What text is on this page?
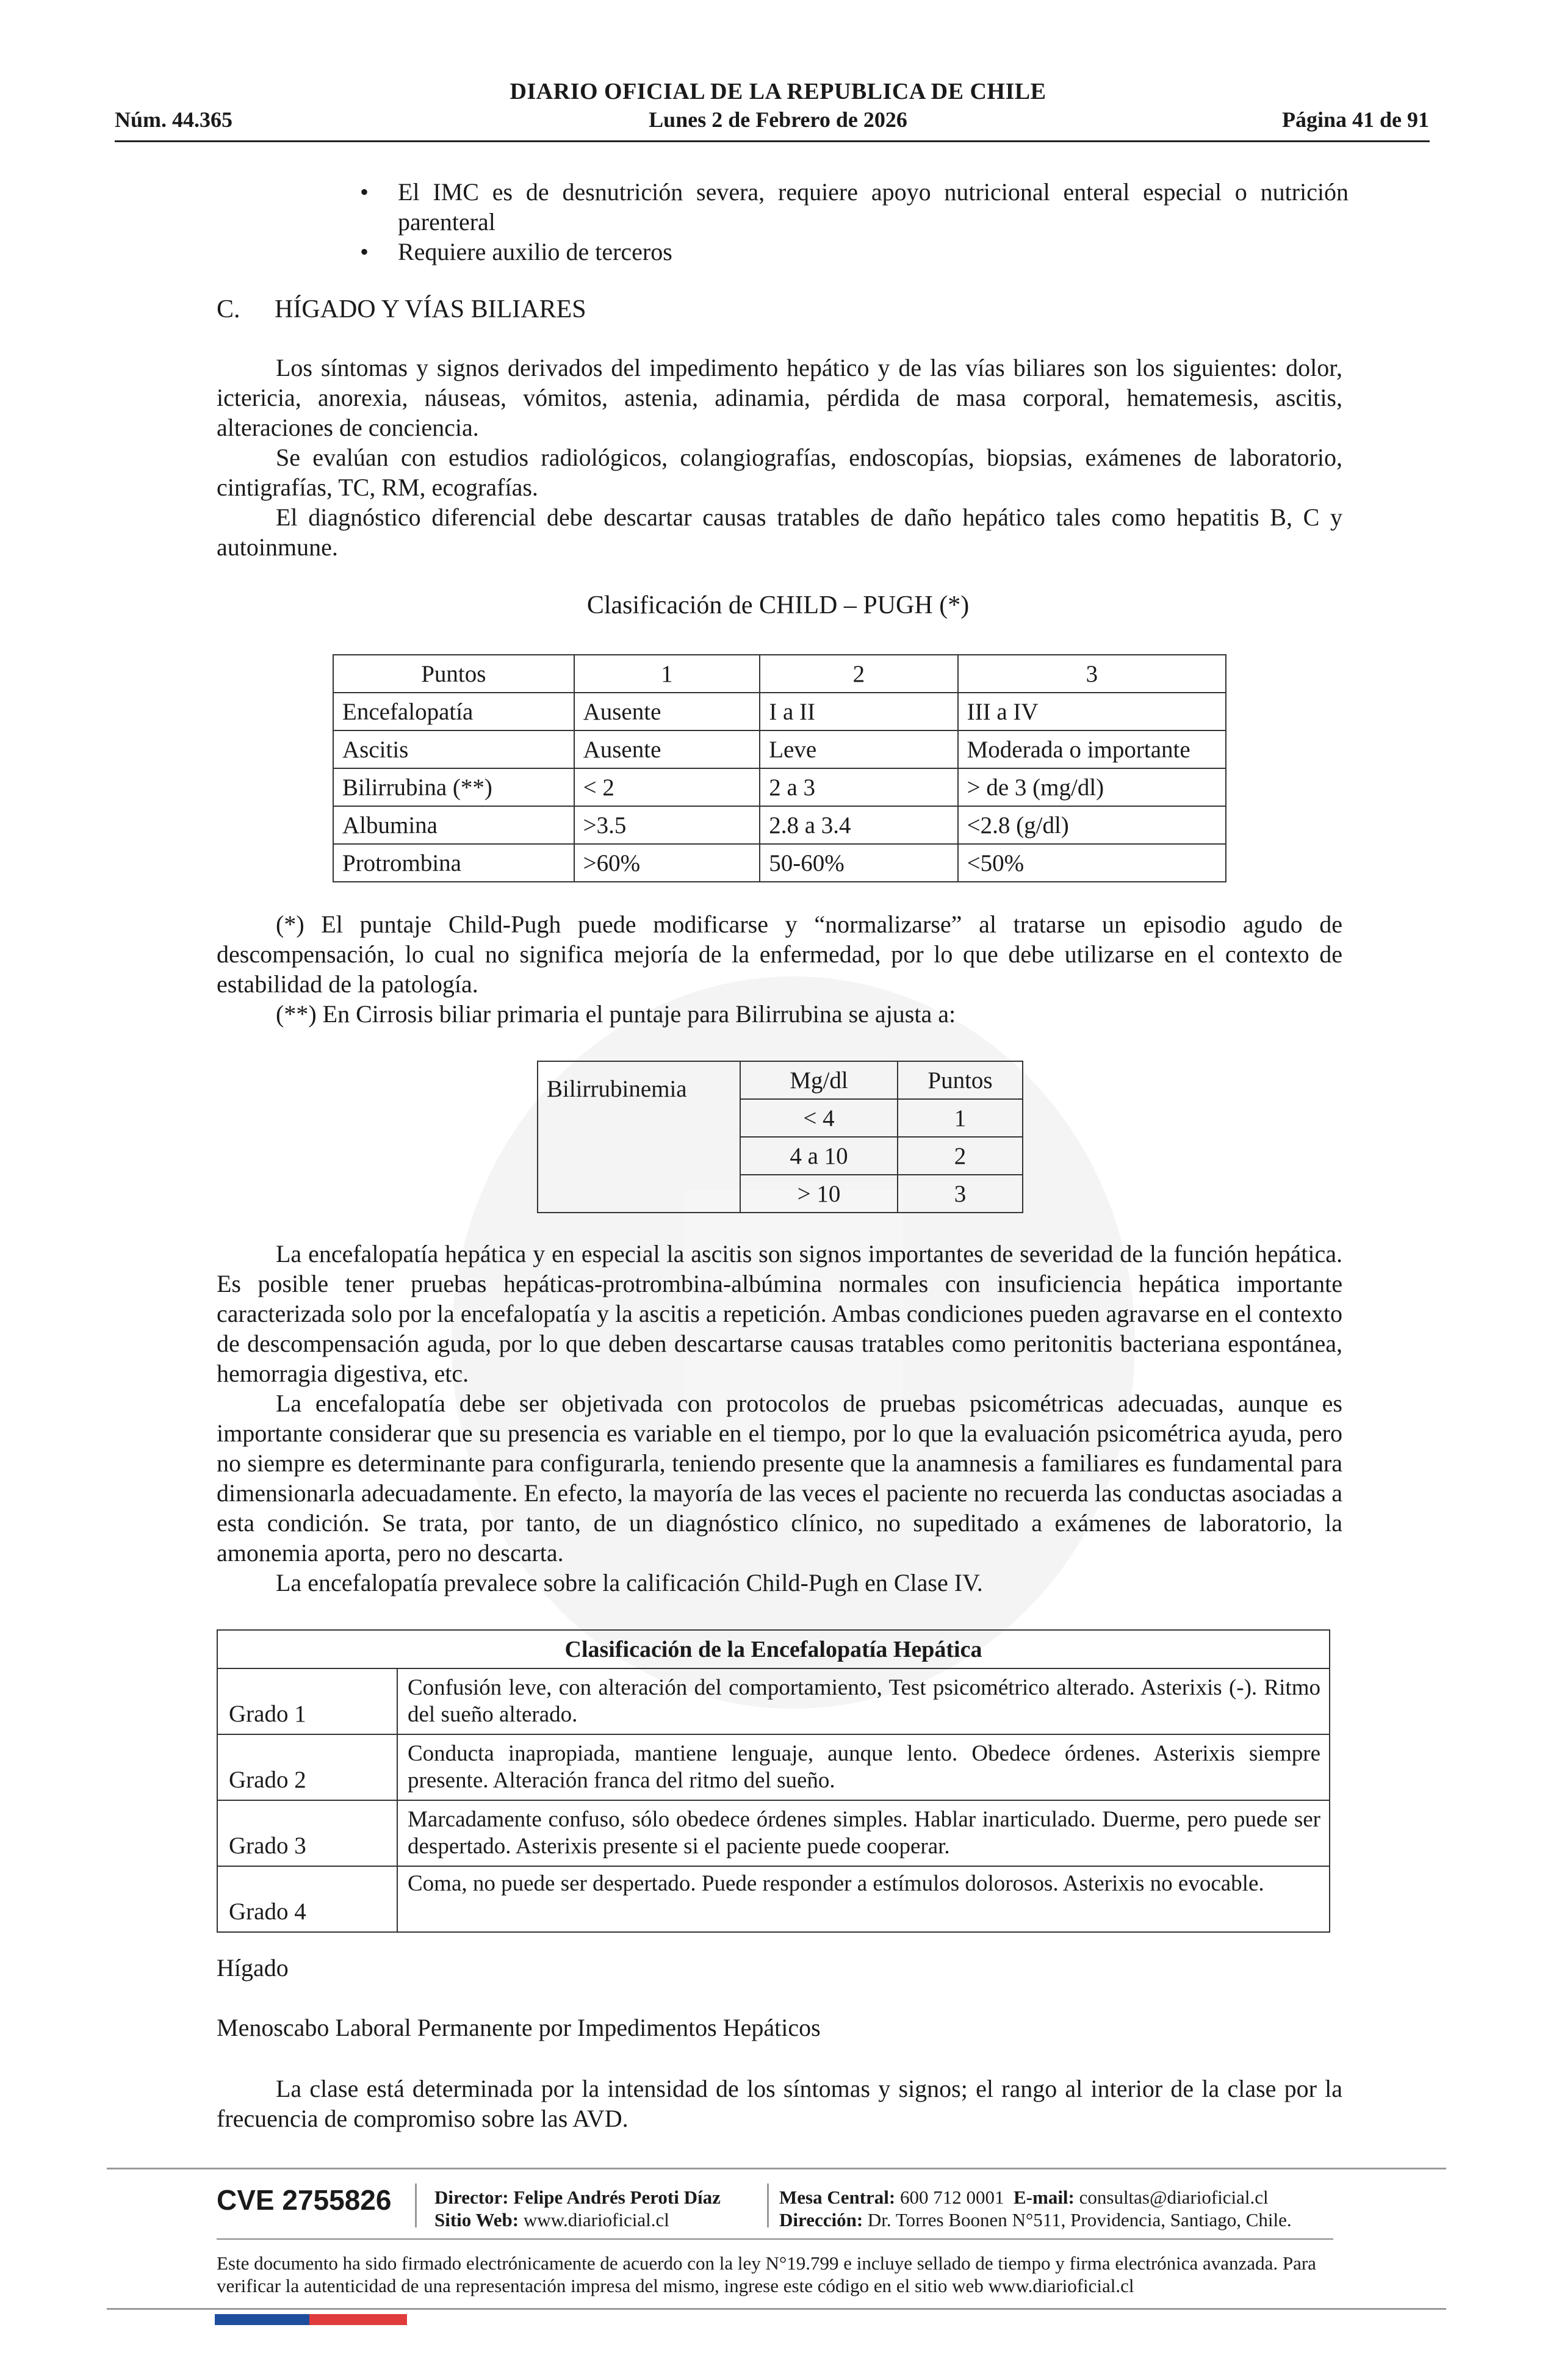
DIARIO OFICIAL DE LA REPUBLICA DE CHILE
Núm. 44.365	Lunes 2 de Febrero de 2026	Página 41 de 91
• El IMC es de desnutrición severa, requiere apoyo nutricional enteral especial o nutrición parenteral
• Requiere auxilio de terceros
C. HÍGADO Y VÍAS BILIARES

Los síntomas y signos derivados del impedimento hepático y de las vías biliares son los siguientes: dolor, ictericia, anorexia, náuseas, vómitos, astenia, adinamia, pérdida de masa corporal, hematemesis, ascitis, alteraciones de conciencia.

Se evalúan con estudios radiológicos, colangiografías, endoscopías, biopsias, exámenes de laboratorio, cintigrafías, TC, RM, ecografías.

El diagnóstico diferencial debe descartar causas tratables de daño hepático tales como hepatitis B, C y autoinmune.

Clasificación de CHILD – PUGH (*)
Puntos	1	2	3
Encefalopatía	Ausente	I a II	III a IV
Ascitis	Ausente	Leve	Moderada o importante
Bilirrubina (**)	< 2	2 a 3	> de 3 (mg/dl)
Albumina	>3.5	2.8 a 3.4	<2.8 (g/dl)
Protrombina	>60%	50-60%	<50%

(*) El puntaje Child-Pugh puede modificarse y “normalizarse” al tratarse un episodio agudo de descompensación, lo cual no significa mejoría de la enfermedad, por lo que debe utilizarse en el contexto de estabilidad de la patología.

(**) En Cirrosis biliar primaria el puntaje para Bilirrubina se ajusta a:

Bilirrubinemia	Mg/dl	Puntos
	< 4	1
	4 a 10	2
	> 10	3

La encefalopatía hepática y en especial la ascitis son signos importantes de severidad de la función hepática. Es posible tener pruebas hepáticas-protrombina-albúmina normales con insuficiencia hepática importante caracterizada solo por la encefalopatía y la ascitis a repetición. Ambas condiciones pueden agravarse en el contexto de descompensación aguda, por lo que deben descartarse causas tratables como peritonitis bacteriana espontánea, hemorragia digestiva, etc.

La encefalopatía debe ser objetivada con protocolos de pruebas psicométricas adecuadas, aunque es importante considerar que su presencia es variable en el tiempo, por lo que la evaluación psicométrica ayuda, pero no siempre es determinante para configurarla, teniendo presente que la anamnesis a familiares es fundamental para dimensionarla adecuadamente. En efecto, la mayoría de las veces el paciente no recuerda las conductas asociadas a esta condición. Se trata, por tanto, de un diagnóstico clínico, no supeditado a exámenes de laboratorio, la amonemia aporta, pero no descarta.

La encefalopatía prevalece sobre la calificación Child-Pugh en Clase IV.

Clasificación de la Encefalopatía Hepática	
Grado 1	Confusión leve, con alteración del comportamiento, Test psicométrico alterado. Asterixis (-). Ritmo del sueño alterado.
Grado 2	Conducta inapropiada, mantiene lenguaje, aunque lento. Obedece órdenes. Asterixis siempre presente. Alteración franca del ritmo del sueño.
Grado 3	Marcadamente confuso, sólo obedece órdenes simples. Hablar inarticulado. Duerme, pero puede ser despertado. Asterixis presente si el paciente puede cooperar.
Grado 4	Coma, no puede ser despertado. Puede responder a estímulos dolorosos. Asterixis no evocable.
Hígado
Menoscabo Laboral Permanente por Impedimentos Hepáticos

La clase está determinada por la intensidad de los síntomas y signos; el rango al interior de la clase por la frecuencia de compromiso sobre las AVD.

CVE 2755826 Director: Felipe Andrés Peroti Díaz
Sitio Web: www.diarioficial.cl
Mesa Central: 600 712 0001 E-mail: consultas@diarioficial.cl
Dirección: Dr. Torres Boonen N°511, Providencia, Santiago, Chile.
Este documento ha sido firmado electrónicamente de acuerdo con la ley N°19.799 e incluye sellado de tiempo y firma electrónica avanzada. Para verificar la autenticidad de una representación impresa del mismo, ingrese este código en el sitio web www.diarioficial.cl
